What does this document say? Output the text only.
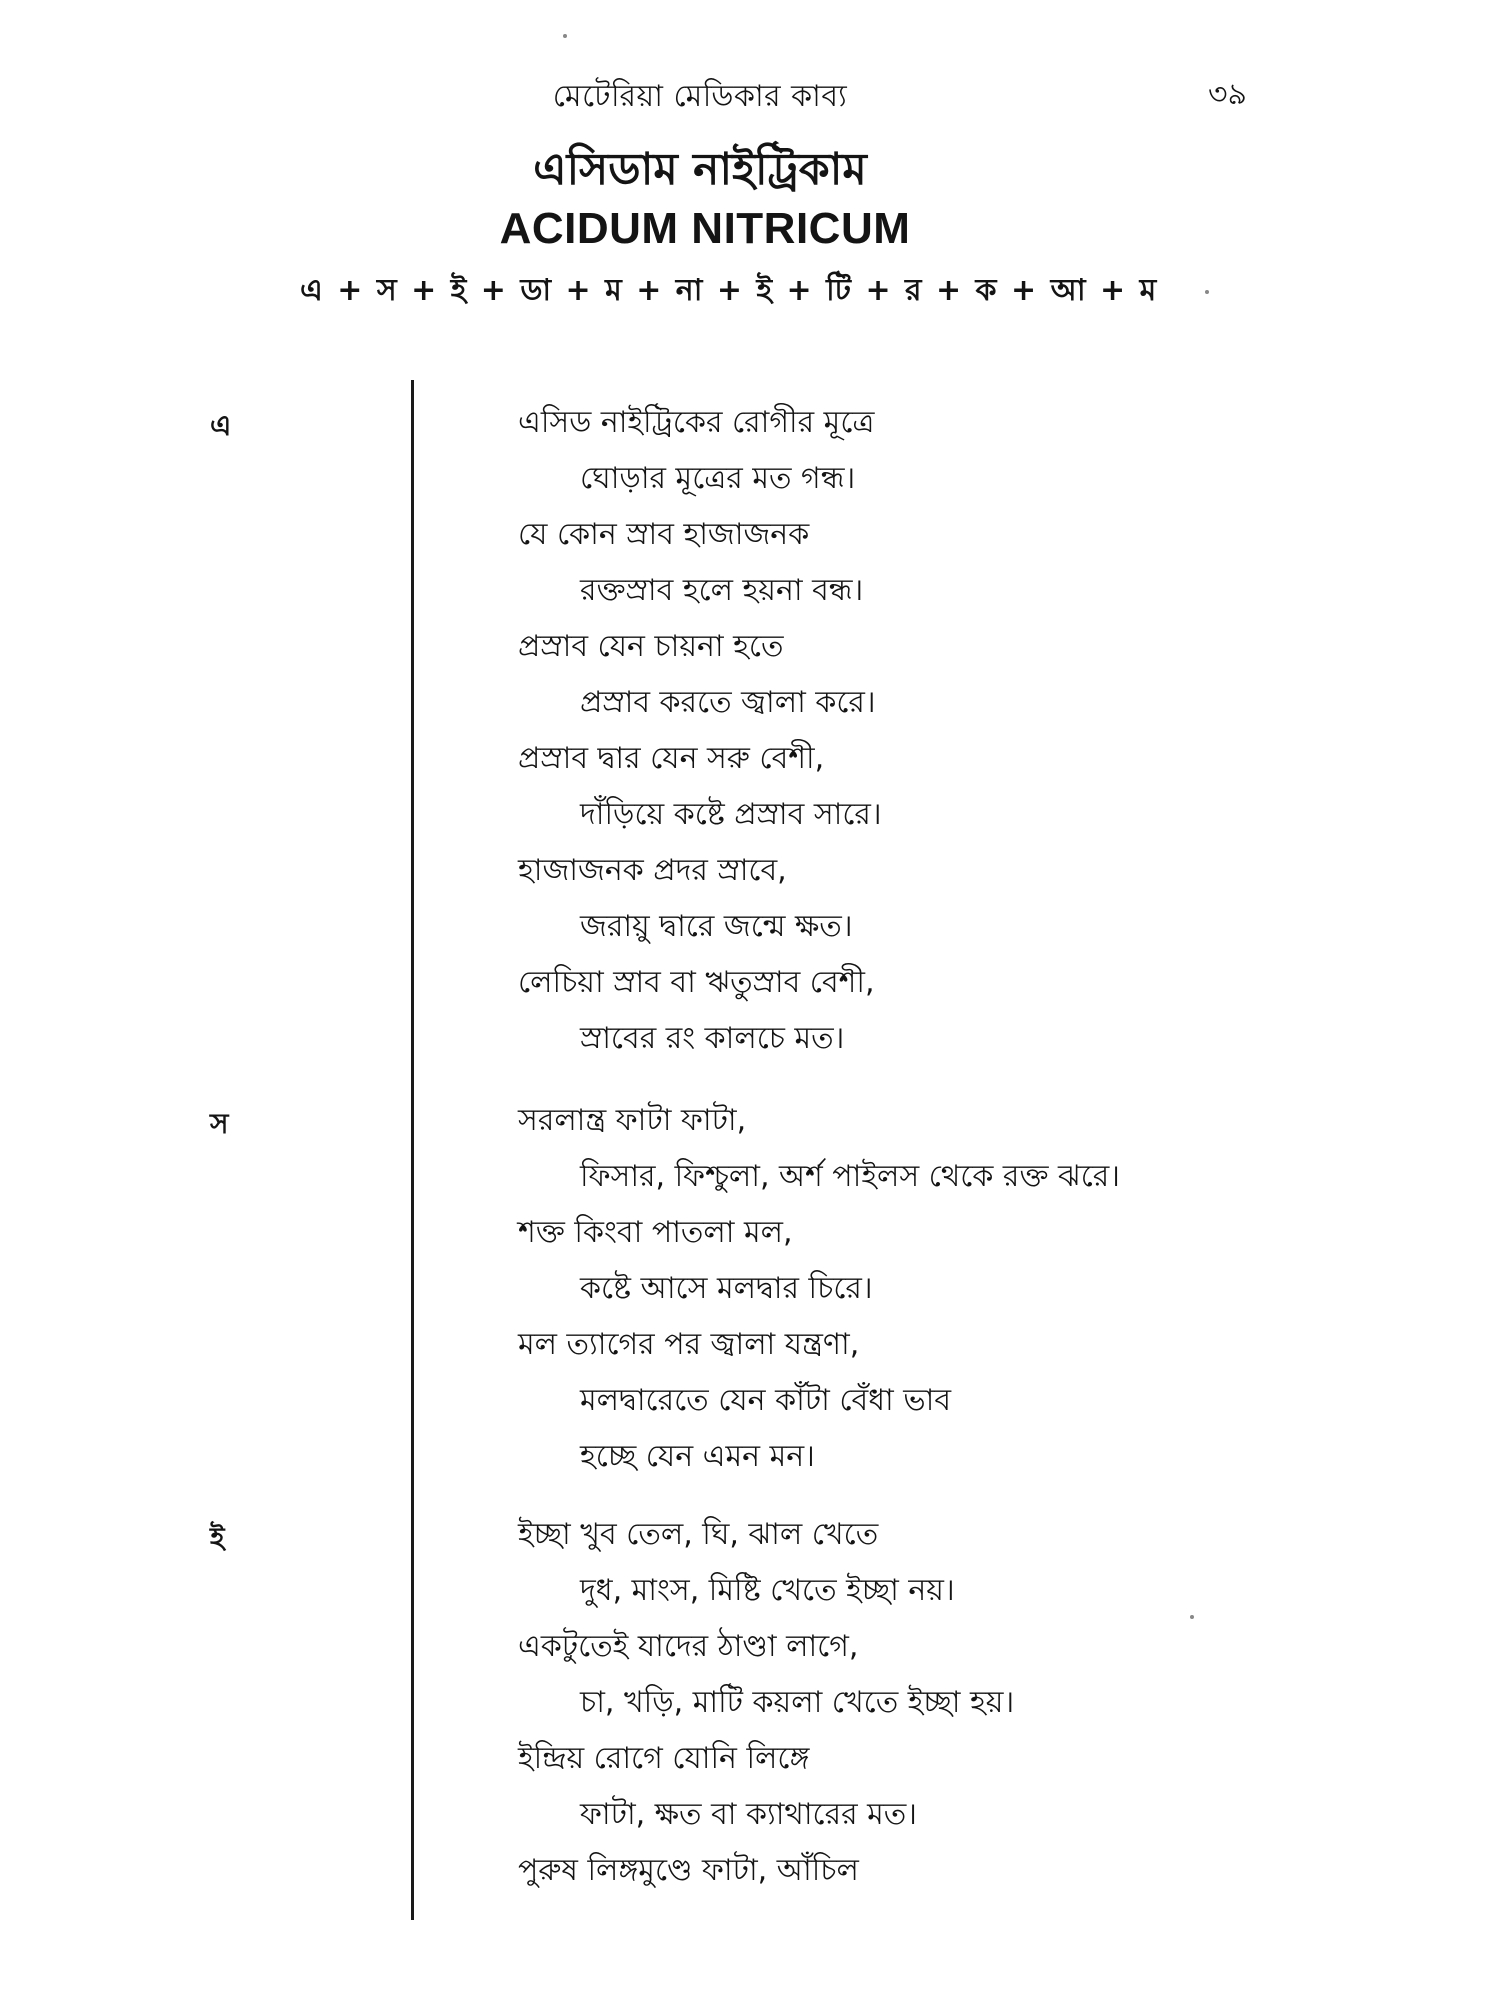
মেটেরিয়া মেডিকার কাব্য	৩৯
এসিডাম নাইট্রিকাম
ACIDUM NITRICUM
এ + স + ই + ডা + ম + না + ই + টি + র + ক + আ + ম
এ	এসিড নাইট্রিকের রোগীর মূত্রে
ঘোড়ার মূত্রের মত গন্ধ।
যে কোন স্রাব হাজাজনক
রক্তস্রাব হলে হয়না বন্ধ।
প্রস্রাব যেন চায়না হতে
প্রস্রাব করতে জ্বালা করে।
প্রস্রাব দ্বার যেন সরু বেশী,
দাঁড়িয়ে কষ্টে প্রস্রাব সারে।
হাজাজনক প্রদর স্রাবে,
জরায়ু দ্বারে জন্মে ক্ষত।
লেচিয়া স্রাব বা ঋতুস্রাব বেশী,
স্রাবের রং কালচে মত।
স	সরলান্ত্র ফাটা ফাটা,
ফিসার, ফিশ্চুলা, অর্শ পাইলস থেকে রক্ত ঝরে।
শক্ত কিংবা পাতলা মল,
কষ্টে আসে মলদ্বার চিরে।
মল ত্যাগের পর জ্বালা যন্ত্রণা,
মলদ্বারেতে যেন কাঁটা বেঁধা ভাব
হচ্ছে যেন এমন মন।
ই	ইচ্ছা খুব তেল, ঘি, ঝাল খেতে
দুধ, মাংস, মিষ্টি খেতে ইচ্ছা নয়।
একটুতেই যাদের ঠাণ্ডা লাগে,
চা, খড়ি, মাটি কয়লা খেতে ইচ্ছা হয়।
ইন্দ্রিয় রোগে যোনি লিঙ্গে
ফাটা, ক্ষত বা ক্যাথারের মত।
পুরুষ লিঙ্গমুণ্ডে ফাটা, আঁচিল
